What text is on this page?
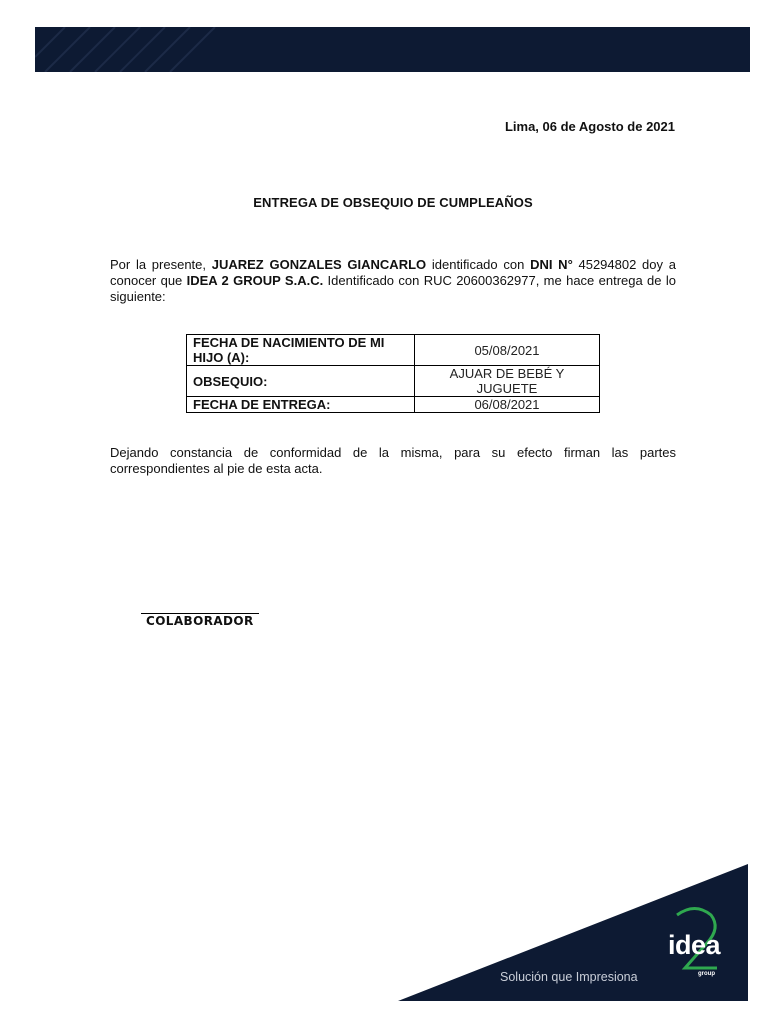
Lima, 06 de Agosto de 2021
ENTREGA DE OBSEQUIO DE CUMPLEAÑOS
Por la presente, JUAREZ GONZALES GIANCARLO identificado con DNI N° 45294802 doy a conocer que IDEA 2 GROUP S.A.C. Identificado con RUC 20600362977, me hace entrega de lo siguiente:
FECHA DE NACIMIENTO DE MI HIJO (A):	05/08/2021
OBSEQUIO:	AJUAR DE BEBÉ Y JUGUETE
FECHA DE ENTREGA:	06/08/2021
Dejando constancia de conformidad de la misma, para su efecto firman las partes correspondientes al pie de esta acta.
COLABORADOR
idea
group
Solución que Impresiona
